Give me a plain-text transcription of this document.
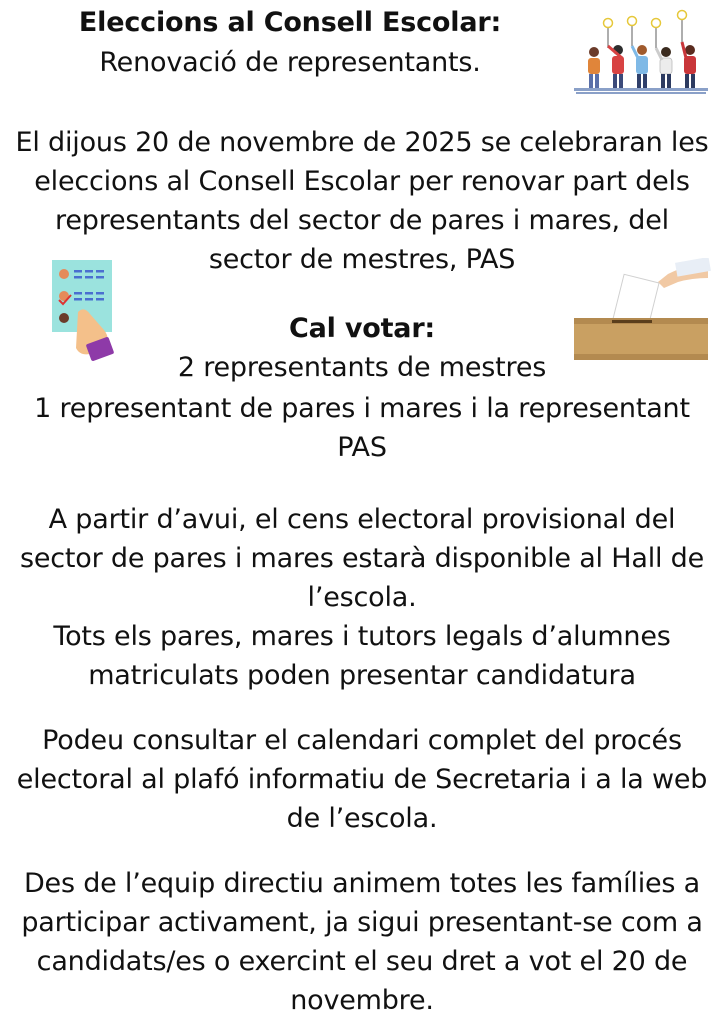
Eleccions al Consell Escolar:
Renovació de representants.
El dijous 20 de novembre de 2025 se celebraran les
eleccions al Consell Escolar per renovar part dels
representants del sector de pares i mares, del
sector de mestres, PAS
Cal votar:
2 representants de mestres
1 representant de pares i mares i la representant
PAS
A partir d’avui, el cens electoral provisional del
sector de pares i mares estarà disponible al Hall de
l’escola.
Tots els pares, mares i tutors legals d’alumnes
matriculats poden presentar candidatura
Podeu consultar el calendari complet del procés
electoral al plafó informatiu de Secretaria i a la web
de l’escola.
Des de l’equip directiu animem totes les famílies a
participar activament, ja sigui presentant-se com a
candidats/es o exercint el seu dret a vot el 20 de
novembre.
